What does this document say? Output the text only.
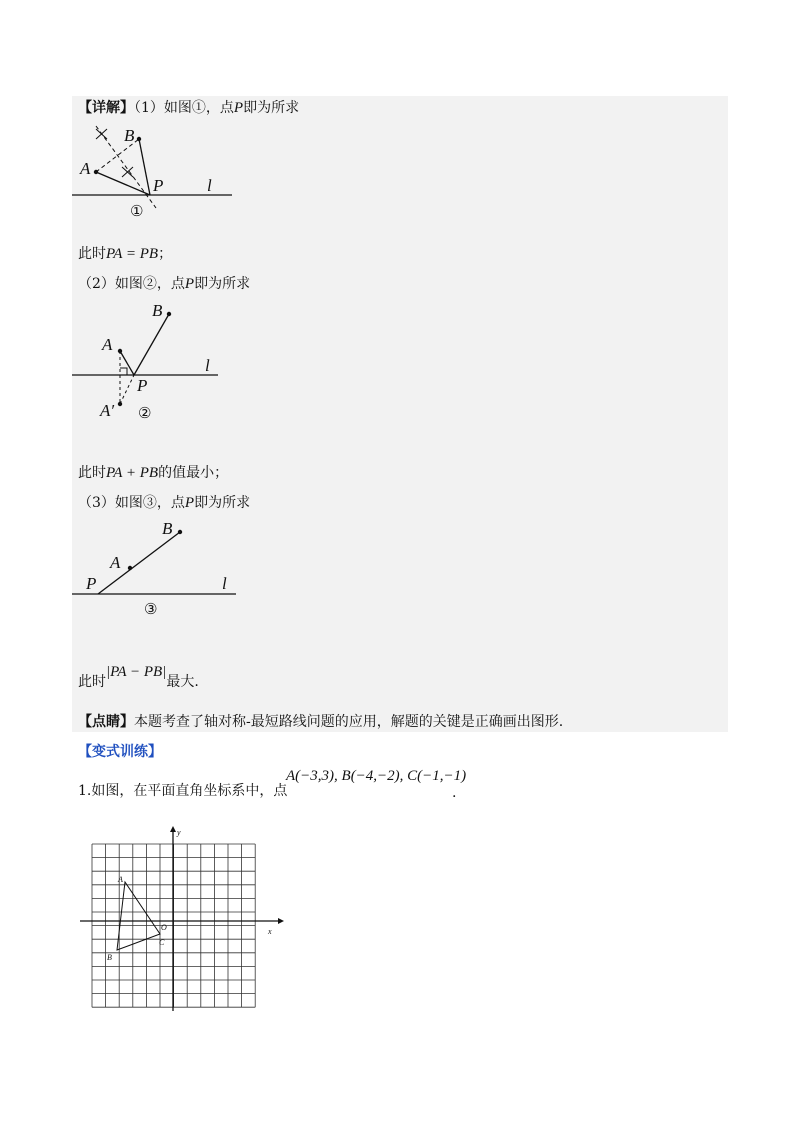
【详解】（1）如图①，点P即为所求
A
B
P	l
①
此时PA = PB；
（2）如图②，点P即为所求
A
B
P
l
A′ ②
此时PA + PB的值最小；
（3）如图③，点P即为所求
A
B
P	l
③
此时|PA − PB|最大.
【点睛】本题考查了轴对称-最短路线问题的应用，解题的关键是正确画出图形.
【变式训练】
1.如图，在平面直角坐标系中，点
A(−3,3), B(−4,−2), C(−1,−1)
.
x
y
O
A
B
C
